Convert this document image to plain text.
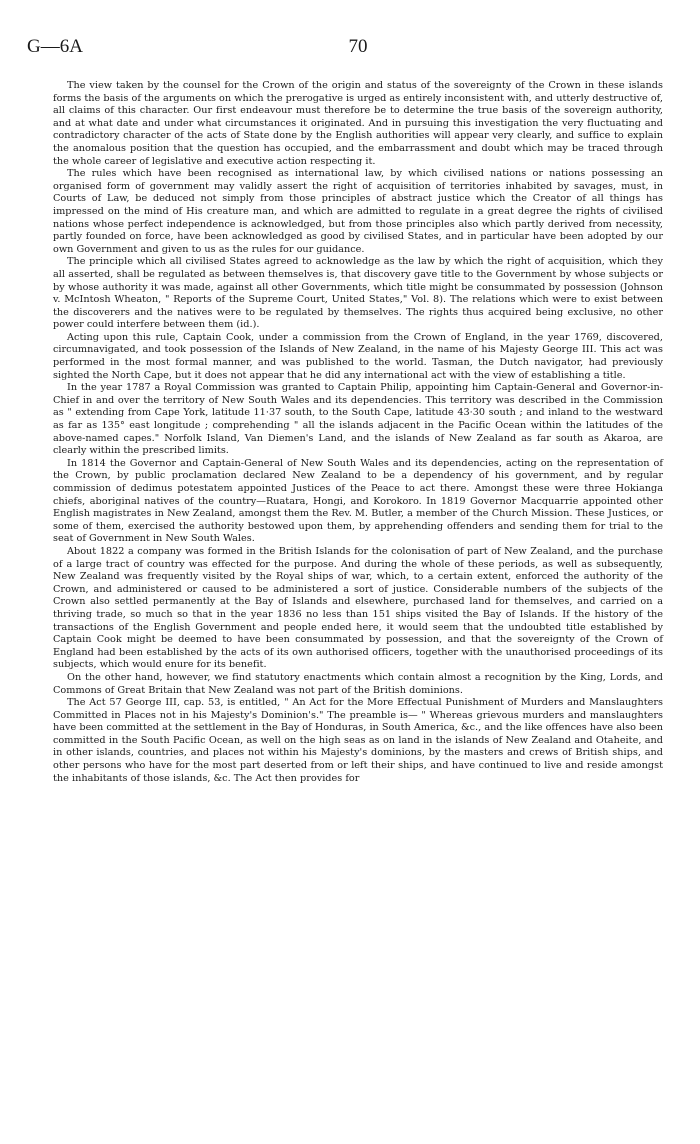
G—6A	70

The view taken by the counsel for the Crown of the origin and status of the sovereignty of the Crown in these islands forms the basis of the arguments on which the prerogative is urged as entirely inconsistent with, and utterly destructive of, all claims of this character. Our first endeavour must therefore be to determine the true basis of the sovereign authority, and at what date and under what circumstances it originated. And in pursuing this investigation the very fluctuating and contradictory character of the acts of State done by the English authorities will appear very clearly, and suffice to explain the anomalous position that the question has occupied, and the embarrassment and doubt which may be traced through the whole career of legislative and executive action respecting it.

The rules which have been recognised as international law, by which civilised nations or nations possessing an organised form of government may validly assert the right of acquisition of territories inhabited by savages, must, in Courts of Law, be deduced not simply from those principles of abstract justice which the Creator of all things has impressed on the mind of His creature man, and which are admitted to regulate in a great degree the rights of civilised nations whose perfect independence is acknowledged, but from those principles also which partly derived from necessity, partly founded on force, have been acknowledged as good by civilised States, and in particular have been adopted by our own Government and given to us as the rules for our guidance.

The principle which all civilised States agreed to acknowledge as the law by which the right of acquisition, which they all asserted, shall be regulated as between themselves is, that discovery gave title to the Government by whose subjects or by whose authority it was made, against all other Governments, which title might be consummated by possession (Johnson v. McIntosh Wheaton, " Reports of the Supreme Court, United States," Vol. 8). The relations which were to exist between the discoverers and the natives were to be regulated by themselves. The rights thus acquired being exclusive, no other power could interfere between them (id.).

Acting upon this rule, Captain Cook, under a commission from the Crown of England, in the year 1769, discovered, circumnavigated, and took possession of the Islands of New Zealand, in the name of his Majesty George III. This act was performed in the most formal manner, and was published to the world. Tasman, the Dutch navigator, had previously sighted the North Cape, but it does not appear that he did any international act with the view of establishing a title.

In the year 1787 a Royal Commission was granted to Captain Philip, appointing him Captain-General and Governor-in-Chief in and over the territory of New South Wales and its dependencies. This territory was described in the Commission as " extending from Cape York, latitude 11·37 south, to the South Cape, latitude 43·30 south ; and inland to the westward as far as 135° east longitude ; comprehending " all the islands adjacent in the Pacific Ocean within the latitudes of the above-named capes." Norfolk Island, Van Diemen's Land, and the islands of New Zealand as far south as Akaroa, are clearly within the prescribed limits.

In 1814 the Governor and Captain-General of New South Wales and its dependencies, acting on the representation of the Crown, by public proclamation declared New Zealand to be a dependency of his government, and by regular commission of dedimus potestatem appointed Justices of the Peace to act there. Amongst these were three Hokianga chiefs, aboriginal natives of the country—Ruatara, Hongi, and Korokoro. In 1819 Governor Macquarrie appointed other English magistrates in New Zealand, amongst them the Rev. M. Butler, a member of the Church Mission. These Justices, or some of them, exercised the authority bestowed upon them, by apprehending offenders and sending them for trial to the seat of Government in New South Wales.

About 1822 a company was formed in the British Islands for the colonisation of part of New Zealand, and the purchase of a large tract of country was effected for the purpose. And during the whole of these periods, as well as subsequently, New Zealand was frequently visited by the Royal ships of war, which, to a certain extent, enforced the authority of the Crown, and administered or caused to be administered a sort of justice. Considerable numbers of the subjects of the Crown also settled permanently at the Bay of Islands and elsewhere, purchased land for themselves, and carried on a thriving trade, so much so that in the year 1836 no less than 151 ships visited the Bay of Islands. If the history of the transactions of the English Government and people ended here, it would seem that the undoubted title established by Captain Cook might be deemed to have been consummated by possession, and that the sovereignty of the Crown of England had been established by the acts of its own authorised officers, together with the unauthorised proceedings of its subjects, which would enure for its benefit.

On the other hand, however, we find statutory enactments which contain almost a recognition by the King, Lords, and Commons of Great Britain that New Zealand was not part of the British dominions.

The Act 57 George III, cap. 53, is entitled, " An Act for the More Effectual Punishment of Murders and Manslaughters Committed in Places not in his Majesty's Dominion's." The preamble is— " Whereas grievous murders and manslaughters have been committed at the settlement in the Bay of Honduras, in South America, &c., and the like offences have also been committed in the South Pacific Ocean, as well on the high seas as on land in the islands of New Zealand and Otaheite, and in other islands, countries, and places not within his Majesty's dominions, by the masters and crews of British ships, and other persons who have for the most part deserted from or left their ships, and have continued to live and reside amongst the inhabitants of those islands, &c. The Act then provides for
